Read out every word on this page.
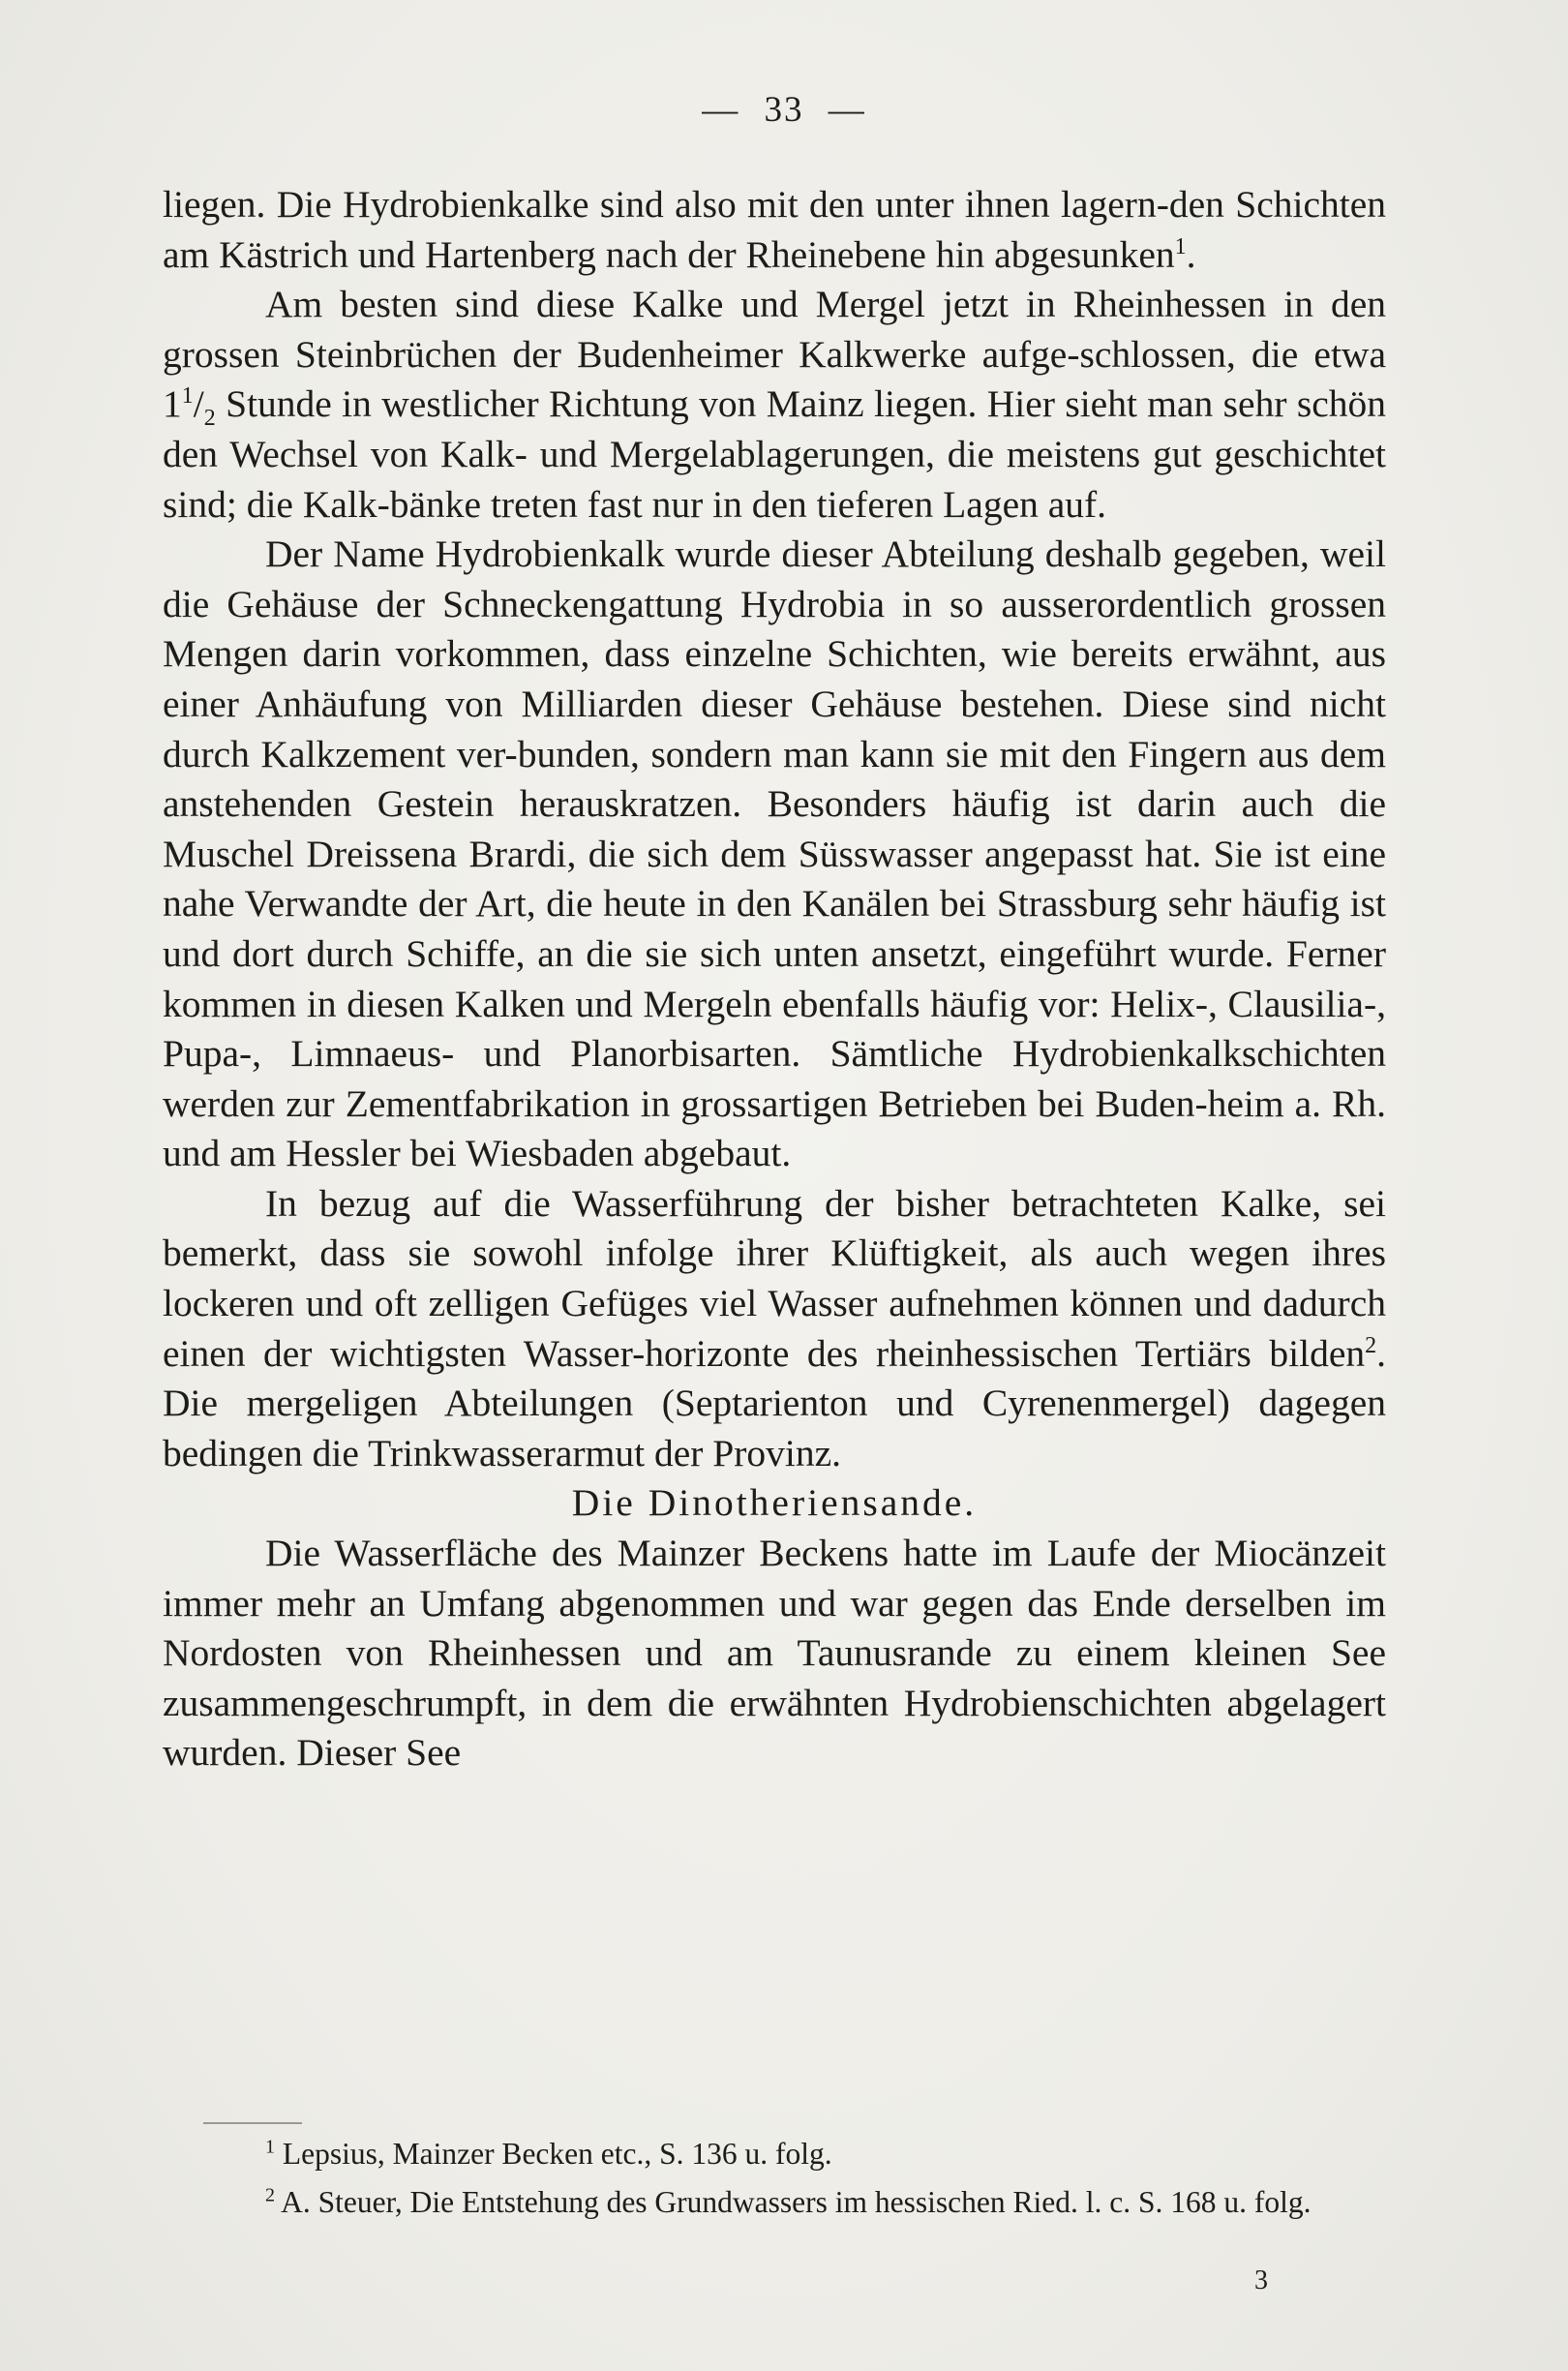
— 33 —

liegen. Die Hydrobienkalke sind also mit den unter ihnen lagern-den Schichten am Kästrich und Hartenberg nach der Rheinebene hin abgesunken$^1$.

Am besten sind diese Kalke und Mergel jetzt in Rheinhessen in den grossen Steinbrüchen der Budenheimer Kalkwerke aufge-schlossen, die etwa $1^1/_2$ Stunde in westlicher Richtung von Mainz liegen. Hier sieht man sehr schön den Wechsel von Kalk- und Mergelablagerungen, die meistens gut geschichtet sind; die Kalk-bänke treten fast nur in den tieferen Lagen auf.

Der Name Hydrobienkalk wurde dieser Abteilung deshalb gegeben, weil die Gehäuse der Schneckengattung Hydrobia in so ausserordentlich grossen Mengen darin vorkommen, dass einzelne Schichten, wie bereits erwähnt, aus einer Anhäufung von Milliarden dieser Gehäuse bestehen. Diese sind nicht durch Kalkzement ver-bunden, sondern man kann sie mit den Fingern aus dem anstehenden Gestein herauskratzen. Besonders häufig ist darin auch die Muschel Dreissena Brardi, die sich dem Süsswasser angepasst hat. Sie ist eine nahe Verwandte der Art, die heute in den Kanälen bei Strassburg sehr häufig ist und dort durch Schiffe, an die sie sich unten ansetzt, eingeführt wurde. Ferner kommen in diesen Kalken und Mergeln ebenfalls häufig vor: Helix-, Clausilia-, Pupa-, Limnaeus- und Planorbisarten. Sämtliche Hydrobienkalkschichten werden zur Zementfabrikation in grossartigen Betrieben bei Buden-heim a. Rh. und am Hessler bei Wiesbaden abgebaut.

In bezug auf die Wasserführung der bisher betrachteten Kalke, sei bemerkt, dass sie sowohl infolge ihrer Klüftigkeit, als auch wegen ihres lockeren und oft zelligen Gefüges viel Wasser aufnehmen können und dadurch einen der wichtigsten Wasser-horizonte des rheinhessischen Tertiärs bilden$^2$. Die mergeligen Abteilungen (Septarienton und Cyrenenmergel) dagegen bedingen die Trinkwasserarmut der Provinz.

Die Dinotheriensande.

Die Wasserfläche des Mainzer Beckens hatte im Laufe der Miocänzeit immer mehr an Umfang abgenommen und war gegen das Ende derselben im Nordosten von Rheinhessen und am Taunusrande zu einem kleinen See zusammengeschrumpft, in dem die erwähnten Hydrobienschichten abgelagert wurden. Dieser See

$^1$ Lepsius, Mainzer Becken etc., S. 136 u. folg.

$^2$ A. Steuer, Die Entstehung des Grundwassers im hessischen Ried. l. c. S. 168 u. folg.

3
